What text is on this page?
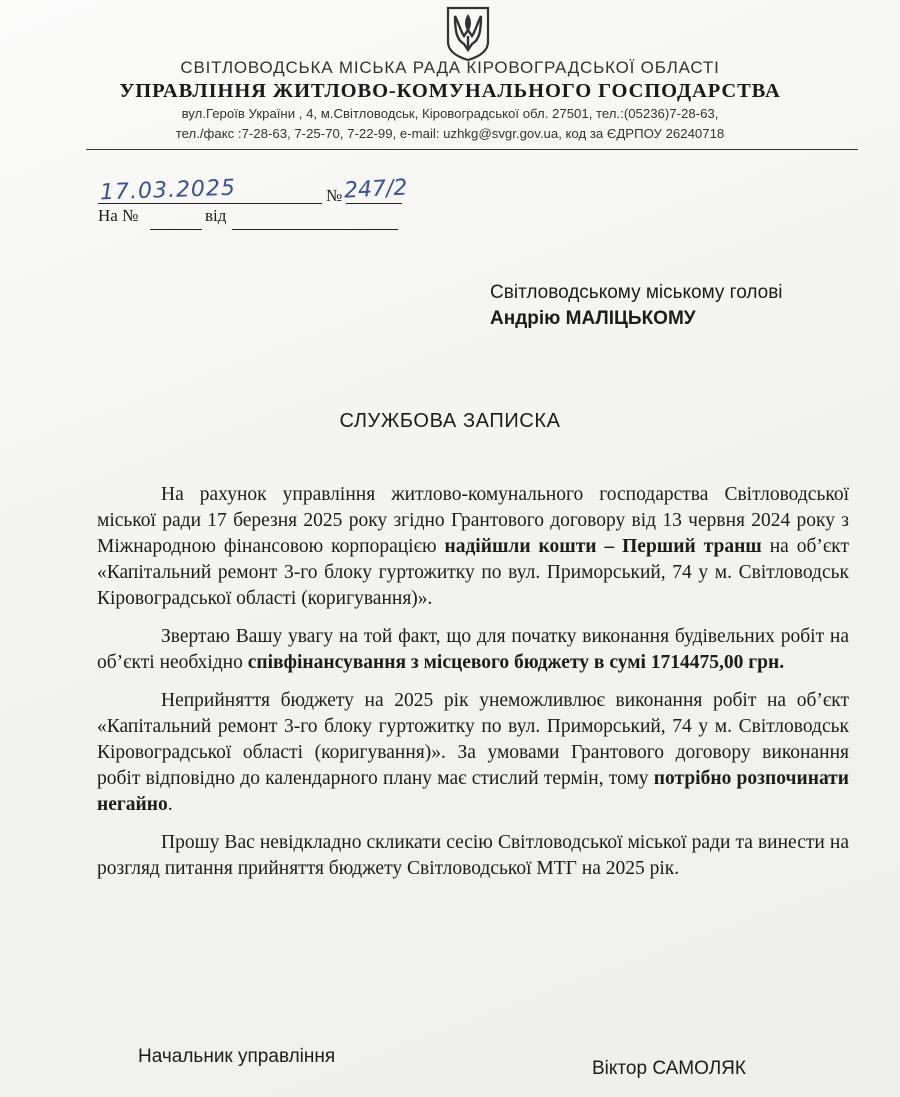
СВІТЛОВОДСЬКА МІСЬКА РАДА КІРОВОГРАДСЬКОЇ ОБЛАСТІ
УПРАВЛІННЯ ЖИТЛОВО-КОМУНАЛЬНОГО ГОСПОДАРСТВА
вул.Героїв України , 4, м.Світловодськ, Кіровоградської обл. 27501, тел.:(05236)7-28-63,
тел./факс :7-28-63, 7-25-70, 7-22-99, e-mail: uzhkg@svgr.gov.ua, код за ЄДРПОУ 26240718
17.03.2025	№ 247/2
На №	від
Світловодському міському голові
Андрію МАЛІЦЬКОМУ
СЛУЖБОВА ЗАПИСКА

На рахунок управління житлово-комунального господарства Світловодської міської ради 17 березня 2025 року згідно Грантового договору від 13 червня 2024 року з Міжнародною фінансовою корпорацією надійшли кошти – Перший транш на об’єкт «Капітальний ремонт 3-го блоку гуртожитку по вул. Приморський, 74 у м. Світловодськ Кіровоградської області (коригування)».

Звертаю Вашу увагу на той факт, що для початку виконання будівельних робіт на об’єкті необхідно співфінансування з місцевого бюджету в сумі 1714475,00 грн.

Неприйняття бюджету на 2025 рік унеможливлює виконання робіт на об’єкт «Капітальний ремонт 3-го блоку гуртожитку по вул. Приморський, 74 у м. Світловодськ Кіровоградської області (коригування)». За умовами Грантового договору виконання робіт відповідно до календарного плану має стислий термін, тому потрібно розпочинати негайно.

Прошу Вас невідкладно скликати сесію Світловодської міської ради та винести на розгляд питання прийняття бюджету Світловодської МТГ на 2025 рік.

Начальник управління
Віктор САМОЛЯК
